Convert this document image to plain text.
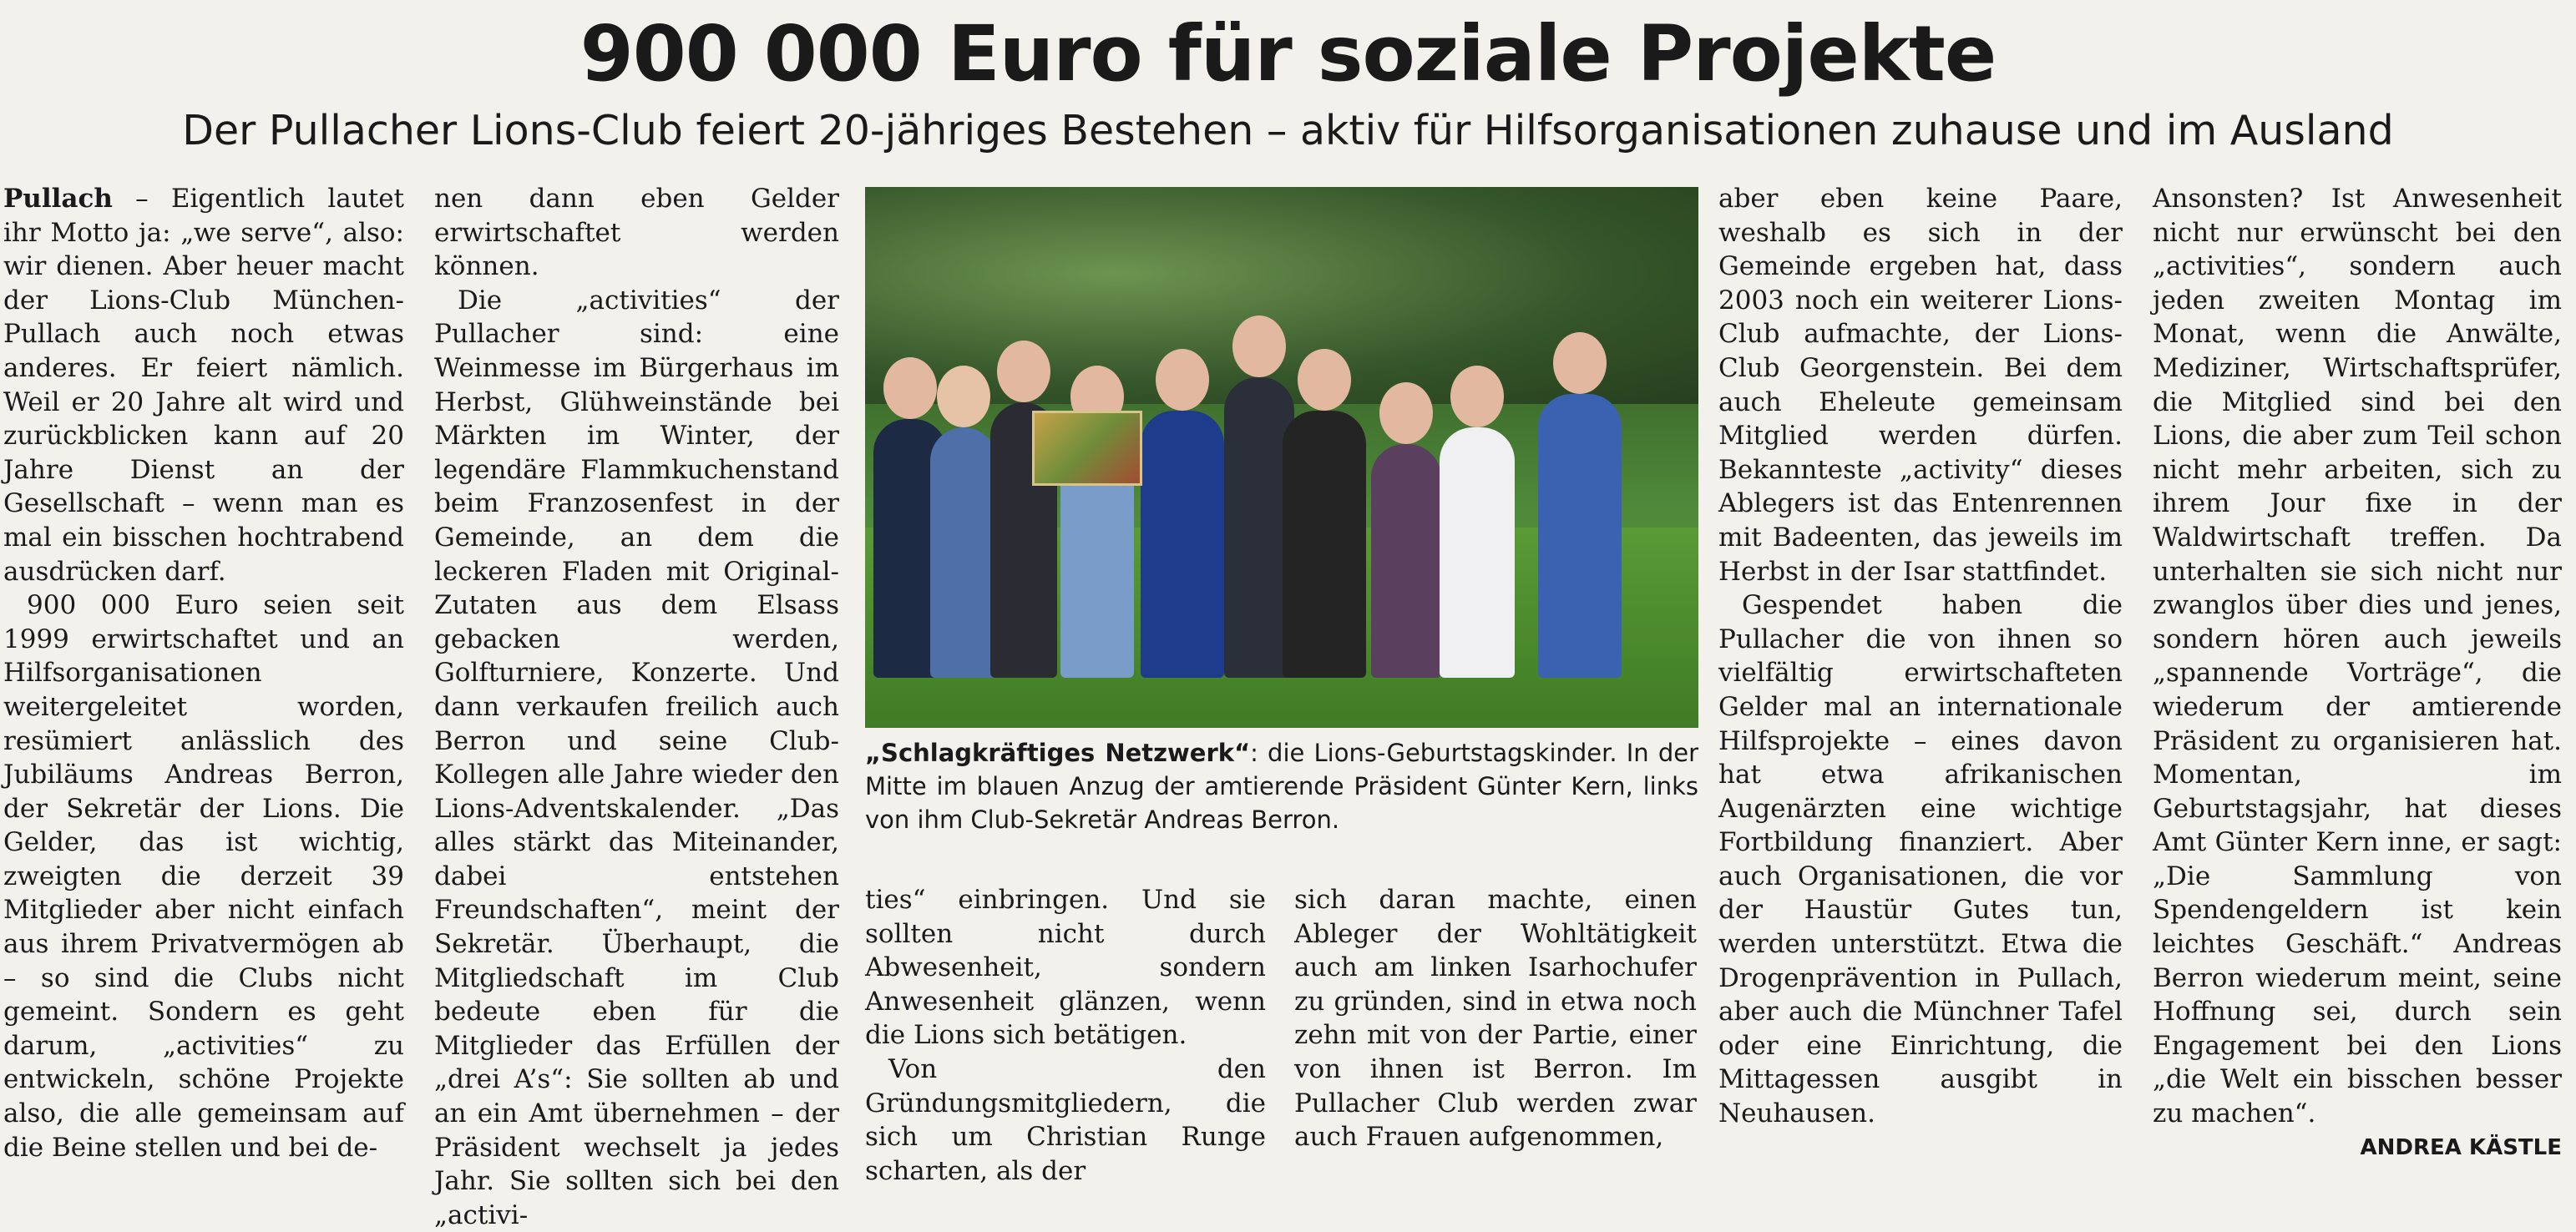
900 000 Euro für soziale Projekte
Der Pullacher Lions-Club feiert 20-jähriges Bestehen – aktiv für Hilfsorganisationen zuhause und im Ausland

Pullach – Eigentlich lautet ihr Motto ja: „we serve“, also: wir dienen. Aber heuer macht der Lions-Club München-Pullach auch noch etwas anderes. Er feiert nämlich. Weil er 20 Jahre alt wird und zurückblicken kann auf 20 Jahre Dienst an der Gesellschaft – wenn man es mal ein bisschen hochtrabend ausdrücken darf.

900 000 Euro seien seit 1999 erwirtschaftet und an Hilfsorganisationen weitergeleitet worden, resümiert anlässlich des Jubiläums Andreas Berron, der Sekretär der Lions. Die Gelder, das ist wichtig, zweigten die derzeit 39 Mitglieder aber nicht einfach aus ihrem Privatvermögen ab – so sind die Clubs nicht gemeint. Sondern es geht darum, „activities“ zu entwickeln, schöne Projekte also, die alle gemeinsam auf die Beine stellen und bei de-

nen dann eben Gelder erwirtschaftet werden können.

Die „activities“ der Pullacher sind: eine Weinmesse im Bürgerhaus im Herbst, Glühweinstände bei Märkten im Winter, der legendäre Flammkuchenstand beim Franzosenfest in der Gemeinde, an dem die leckeren Fladen mit Original-Zutaten aus dem Elsass gebacken werden, Golfturniere, Konzerte. Und dann verkaufen freilich auch Berron und seine Club-Kollegen alle Jahre wieder den Lions-Adventskalender. „Das alles stärkt das Miteinander, dabei entstehen Freundschaften“, meint der Sekretär. Überhaupt, die Mitgliedschaft im Club bedeute eben für die Mitglieder das Erfüllen der „drei A’s“: Sie sollten ab und an ein Amt übernehmen – der Präsident wechselt ja jedes Jahr. Sie sollten sich bei den „activi-

„Schlagkräftiges Netzwerk“: die Lions-Geburtstagskinder. In der Mitte im blauen Anzug der amtierende Präsident Günter Kern, links von ihm Club-Sekretär Andreas Berron.

ties“ einbringen. Und sie sollten nicht durch Abwesenheit, sondern Anwesenheit glänzen, wenn die Lions sich betätigen.

Von den Gründungsmitgliedern, die sich um Christian Runge scharten, als der

sich daran machte, einen Ableger der Wohltätigkeit auch am linken Isarhochufer zu gründen, sind in etwa noch zehn mit von der Partie, einer von ihnen ist Berron. Im Pullacher Club werden zwar auch Frauen aufgenommen,

aber eben keine Paare, weshalb es sich in der Gemeinde ergeben hat, dass 2003 noch ein weiterer Lions-Club aufmachte, der Lions-Club Georgenstein. Bei dem auch Eheleute gemeinsam Mitglied werden dürfen. Bekannteste „activity“ dieses Ablegers ist das Entenrennen mit Badeenten, das jeweils im Herbst in der Isar stattfindet.

Gespendet haben die Pullacher die von ihnen so vielfältig erwirtschafteten Gelder mal an internationale Hilfsprojekte – eines davon hat etwa afrikanischen Augenärzten eine wichtige Fortbildung finanziert. Aber auch Organisationen, die vor der Haustür Gutes tun, werden unterstützt. Etwa die Drogenprävention in Pullach, aber auch die Münchner Tafel oder eine Einrichtung, die Mittagessen ausgibt in Neuhausen.

Ansonsten? Ist Anwesenheit nicht nur erwünscht bei den „activities“, sondern auch jeden zweiten Montag im Monat, wenn die Anwälte, Mediziner, Wirtschaftsprüfer, die Mitglied sind bei den Lions, die aber zum Teil schon nicht mehr arbeiten, sich zu ihrem Jour fixe in der Waldwirtschaft treffen. Da unterhalten sie sich nicht nur zwanglos über dies und jenes, sondern hören auch jeweils „spannende Vorträge“, die wiederum der amtierende Präsident zu organisieren hat. Momentan, im Geburtstagsjahr, hat dieses Amt Günter Kern inne, er sagt: „Die Sammlung von Spendengeldern ist kein leichtes Geschäft.“ Andreas Berron wiederum meint, seine Hoffnung sei, durch sein Engagement bei den Lions „die Welt ein bisschen besser zu machen“.

ANDREA KÄSTLE
